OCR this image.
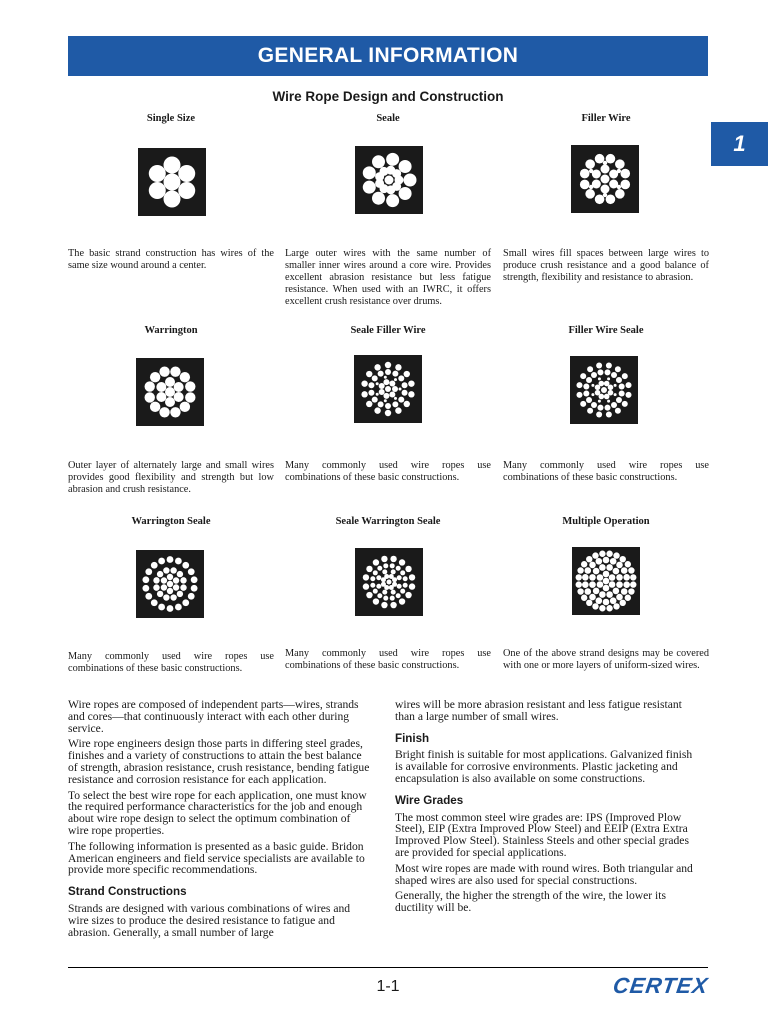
GENERAL INFORMATION
1
Wire Rope Design and Construction
Single Size
The basic strand construction has wires of the same size wound around a center.
Seale
Large outer wires with the same number of smaller inner wires around a core wire. Provides excellent abrasion resistance but less fatigue resistance. When used with an IWRC, it offers excellent crush resistance over drums.
Filler Wire
Small wires fill spaces between large wires to produce crush resistance and a good balance of strength, flexibility and resistance to abrasion.
Warrington
Outer layer of alternately large and small wires provides good flexibility and strength but low abrasion and crush resistance.
Seale Filler Wire
Many commonly used wire ropes use combinations of these basic constructions.
Filler Wire Seale
Many commonly used wire ropes use combinations of these basic constructions.
Warrington Seale
Many commonly used wire ropes use combinations of these basic constructions.
Seale Warrington Seale
Many commonly used wire ropes use combinations of these basic constructions.
Multiple Operation
One of the above strand designs may be covered with one or more layers of uniform-sized wires.

Wire ropes are composed of independent parts—wires, strands and cores—that continuously interact with each other during service.

Wire rope engineers design those parts in differing steel grades, finishes and a variety of constructions to attain the best balance of strength, abrasion resistance, crush resistance, bending fatigue resistance and corrosion resistance for each application.

To select the best wire rope for each application, one must know the required performance characteristics for the job and enough about wire rope design to select the optimum combination of wire rope properties.

The following information is presented as a basic guide. Bridon American engineers and field service specialists are available to provide more specific recommendations.

Strand Constructions

Strands are designed with various combinations of wires and wire sizes to produce the desired resistance to fatigue and abrasion. Generally, a small number of large

wires will be more abrasion resistant and less fatigue resistant than a large number of small wires.

Finish

Bright finish is suitable for most applications. Galvanized finish is available for corrosive environments. Plastic jacketing and encapsulation is also available on some constructions.

Wire Grades

The most common steel wire grades are: IPS (Improved Plow Steel), EIP (Extra Improved Plow Steel) and EEIP (Extra Extra Improved Plow Steel). Stainless Steels and other special grades are provided for special applications.

Most wire ropes are made with round wires. Both triangular and shaped wires are also used for special constructions.

Generally, the higher the strength of the wire, the lower its ductility will be.

1-1	CERTEX
